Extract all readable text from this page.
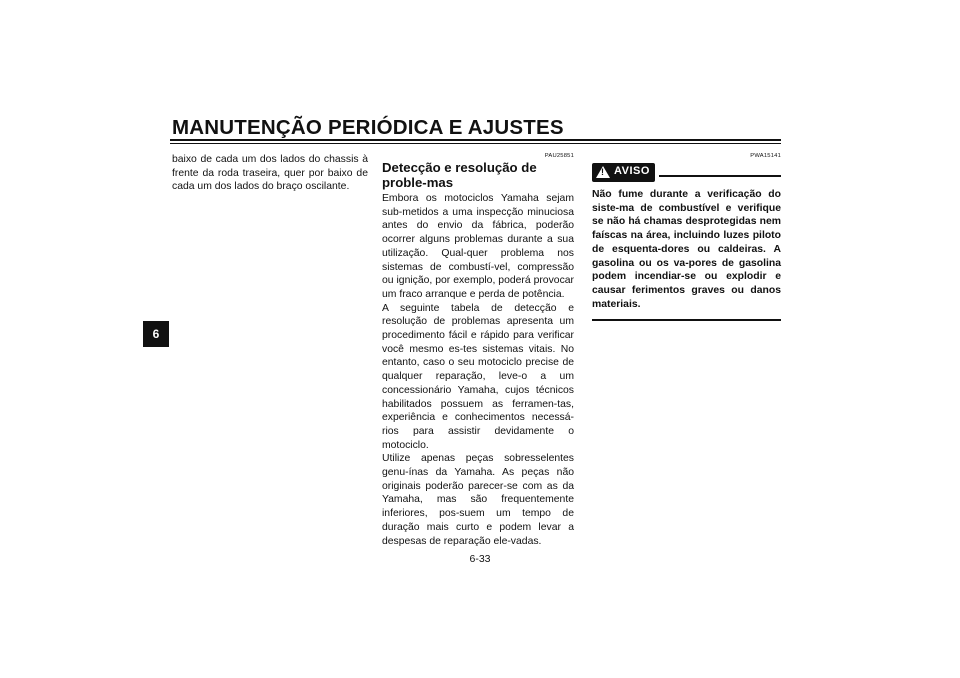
MANUTENÇÃO PERIÓDICA E AJUSTES
6

baixo de cada um dos lados do chassis à frente da roda traseira, quer por baixo de cada um dos lados do braço oscilante.

PAU25851
Detecção e resolução de proble-mas

Embora os motociclos Yamaha sejam sub-metidos a uma inspecção minuciosa antes do envio da fábrica, poderão ocorrer alguns problemas durante a sua utilização. Qual-quer problema nos sistemas de combustí-vel, compressão ou ignição, por exemplo, poderá provocar um fraco arranque e perda de potência.

A seguinte tabela de detecção e resolução de problemas apresenta um procedimento fácil e rápido para verificar você mesmo es-tes sistemas vitais. No entanto, caso o seu motociclo precise de qualquer reparação, leve-o a um concessionário Yamaha, cujos técnicos habilitados possuem as ferramen-tas, experiência e conhecimentos necessá-rios para assistir devidamente o motociclo.

Utilize apenas peças sobresselentes genu-ínas da Yamaha. As peças não originais poderão parecer-se com as da Yamaha, mas são frequentemente inferiores, pos-suem um tempo de duração mais curto e podem levar a despesas de reparação ele-vadas.

PWA15141
!
AVISO

Não fume durante a verificação do siste-ma de combustível e verifique se não há chamas desprotegidas nem faíscas na área, incluindo luzes piloto de esquenta-dores ou caldeiras. A gasolina ou os va-pores de gasolina podem incendiar-se ou explodir e causar ferimentos graves ou danos materiais.

6-33
